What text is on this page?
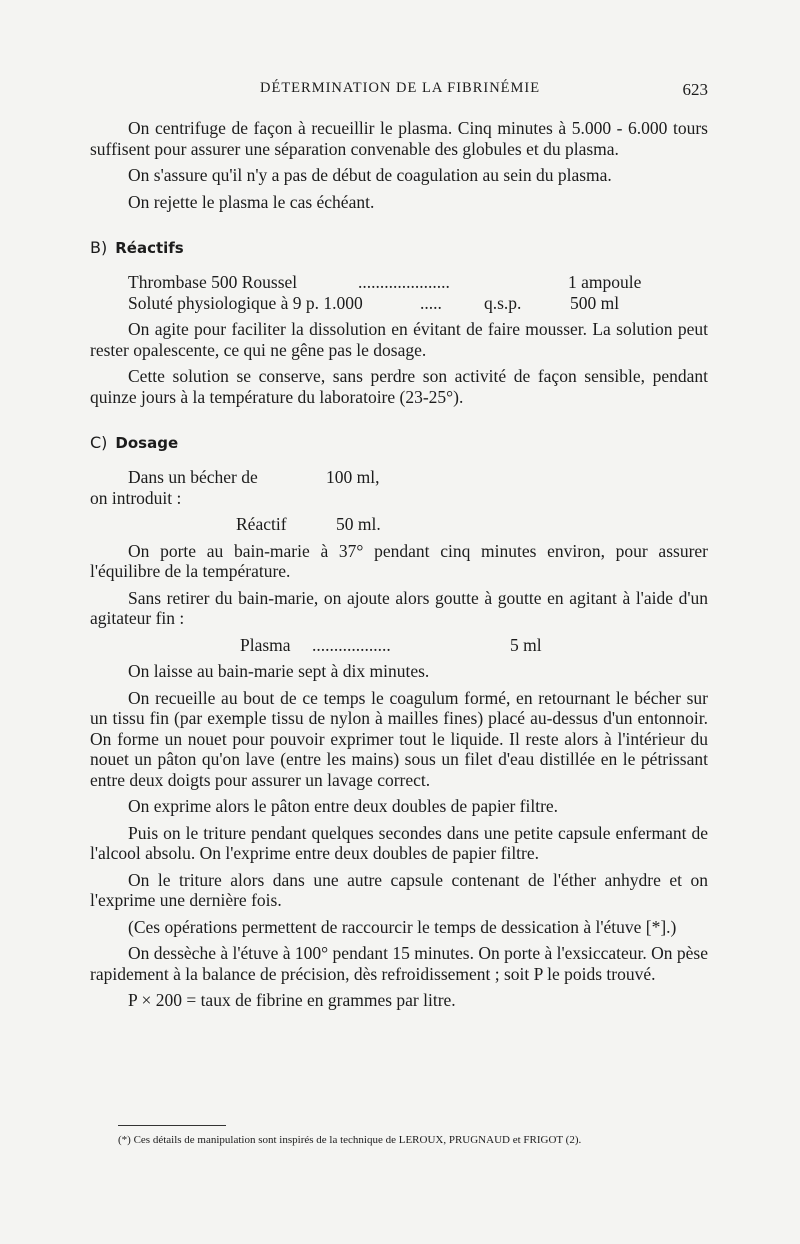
DÉTERMINATION DE LA FIBRINÉMIE	623

On centrifuge de façon à recueillir le plasma. Cinq minutes à 5.000 - 6.000 tours suffisent pour assurer une séparation convenable des globules et du plasma.

On s'assure qu'il n'y a pas de début de coagulation au sein du plasma.

On rejette le plasma le cas échéant.

B) Réactifs
Thrombase 500 Roussel	.....................	1 ampoule
Soluté physiologique à 9 p. 1.000	..... q.s.p.	500 ml

On agite pour faciliter la dissolution en évitant de faire mousser. La solution peut rester opalescente, ce qui ne gêne pas le dosage.

Cette solution se conserve, sans perdre son activité de façon sensible, pendant quinze jours à la température du laboratoire (23-25°).

C) Dosage
Dans un bécher de	100 ml,
on introduit :
Réactif	50 ml.

On porte au bain-marie à 37° pendant cinq minutes environ, pour assurer l'équilibre de la température.

Sans retirer du bain-marie, on ajoute alors goutte à goutte en agitant à l'aide d'un agitateur fin :

Plasma ..................	5 ml

On laisse au bain-marie sept à dix minutes.

On recueille au bout de ce temps le coagulum formé, en retournant le bécher sur un tissu fin (par exemple tissu de nylon à mailles fines) placé au-dessus d'un entonnoir. On forme un nouet pour pouvoir exprimer tout le liquide. Il reste alors à l'intérieur du nouet un pâton qu'on lave (entre les mains) sous un filet d'eau distillée en le pétrissant entre deux doigts pour assurer un lavage correct.

On exprime alors le pâton entre deux doubles de papier filtre.

Puis on le triture pendant quelques secondes dans une petite capsule enfermant de l'alcool absolu. On l'exprime entre deux doubles de papier filtre.

On le triture alors dans une autre capsule contenant de l'éther anhydre et on l'exprime une dernière fois.

(Ces opérations permettent de raccourcir le temps de dessication à l'étuve [*].)

On dessèche à l'étuve à 100° pendant 15 minutes. On porte à l'exsiccateur. On pèse rapidement à la balance de précision, dès refroidissement ; soit P le poids trouvé.

P × 200 = taux de fibrine en grammes par litre.

(*) Ces détails de manipulation sont inspirés de la technique de LEROUX, PRUGNAUD et FRIGOT (2).
